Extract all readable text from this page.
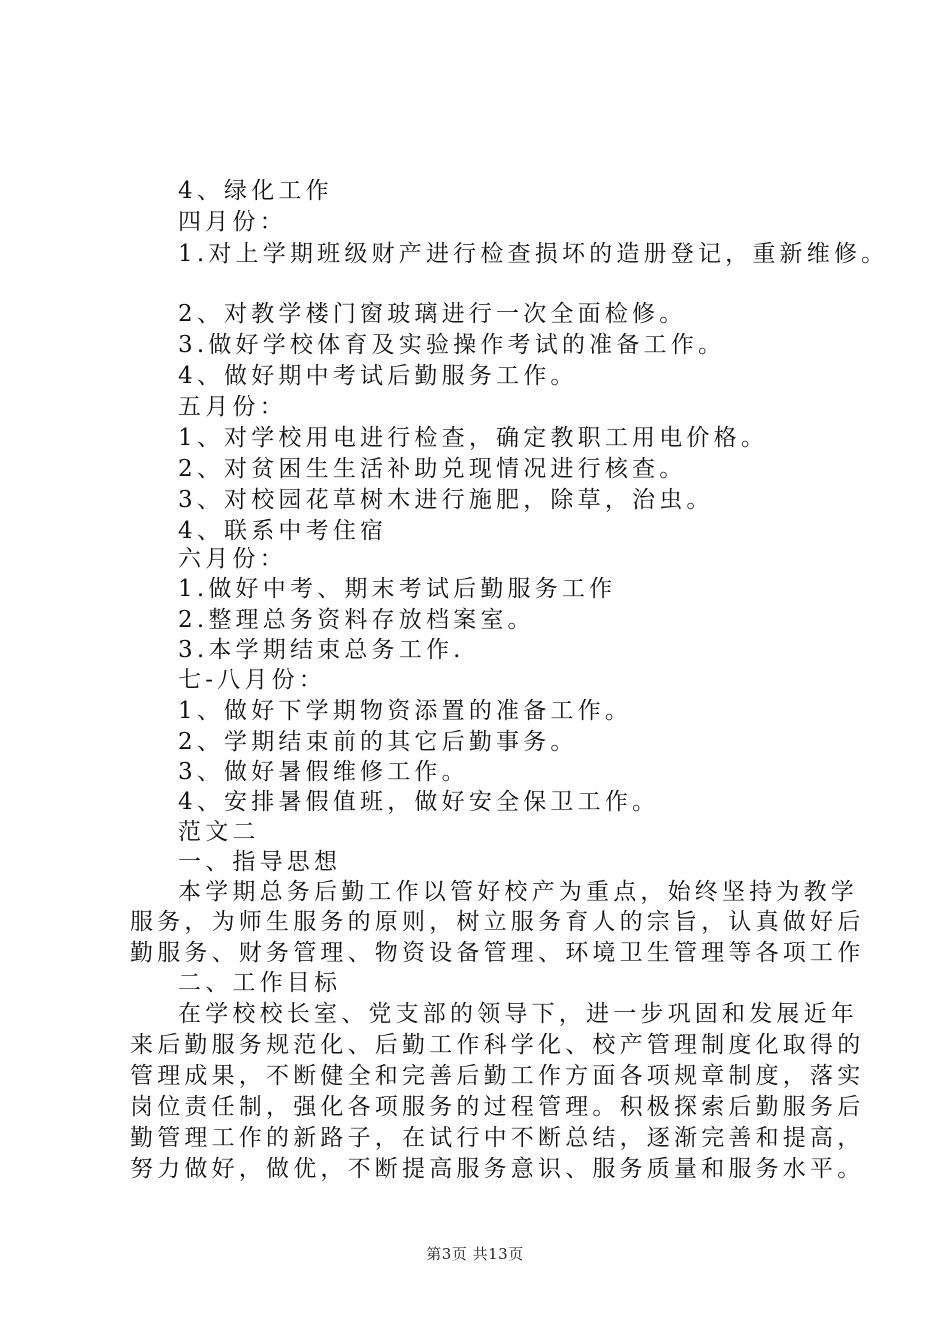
4、绿化工作
四月份：
1.对上学期班级财产进行检查损坏的造册登记，重新维修。
2、对教学楼门窗玻璃进行一次全面检修。
3.做好学校体育及实验操作考试的准备工作。
4、做好期中考试后勤服务工作。
五月份：
1、对学校用电进行检查，确定教职工用电价格。
2、对贫困生生活补助兑现情况进行核查。
3、对校园花草树木进行施肥，除草，治虫。
4、联系中考住宿
六月份：
1.做好中考、期末考试后勤服务工作
2.整理总务资料存放档案室。
3.本学期结束总务工作.
七-八月份：
1、做好下学期物资添置的准备工作。
2、学期结束前的其它后勤事务。
3、做好暑假维修工作。
4、安排暑假值班，做好安全保卫工作。
范文二
一、指导思想
本学期总务后勤工作以管好校产为重点，始终坚持为教学
服务，为师生服务的原则，树立服务育人的宗旨，认真做好后
勤服务、财务管理、物资设备管理、环境卫生管理等各项工作
二、工作目标
在学校校长室、党支部的领导下，进一步巩固和发展近年
来后勤服务规范化、后勤工作科学化、校产管理制度化取得的
管理成果，不断健全和完善后勤工作方面各项规章制度，落实
岗位责任制，强化各项服务的过程管理。积极探索后勤服务后
勤管理工作的新路子，在试行中不断总结，逐渐完善和提高，
努力做好，做优，不断提高服务意识、服务质量和服务水平。
第3页 共13页
